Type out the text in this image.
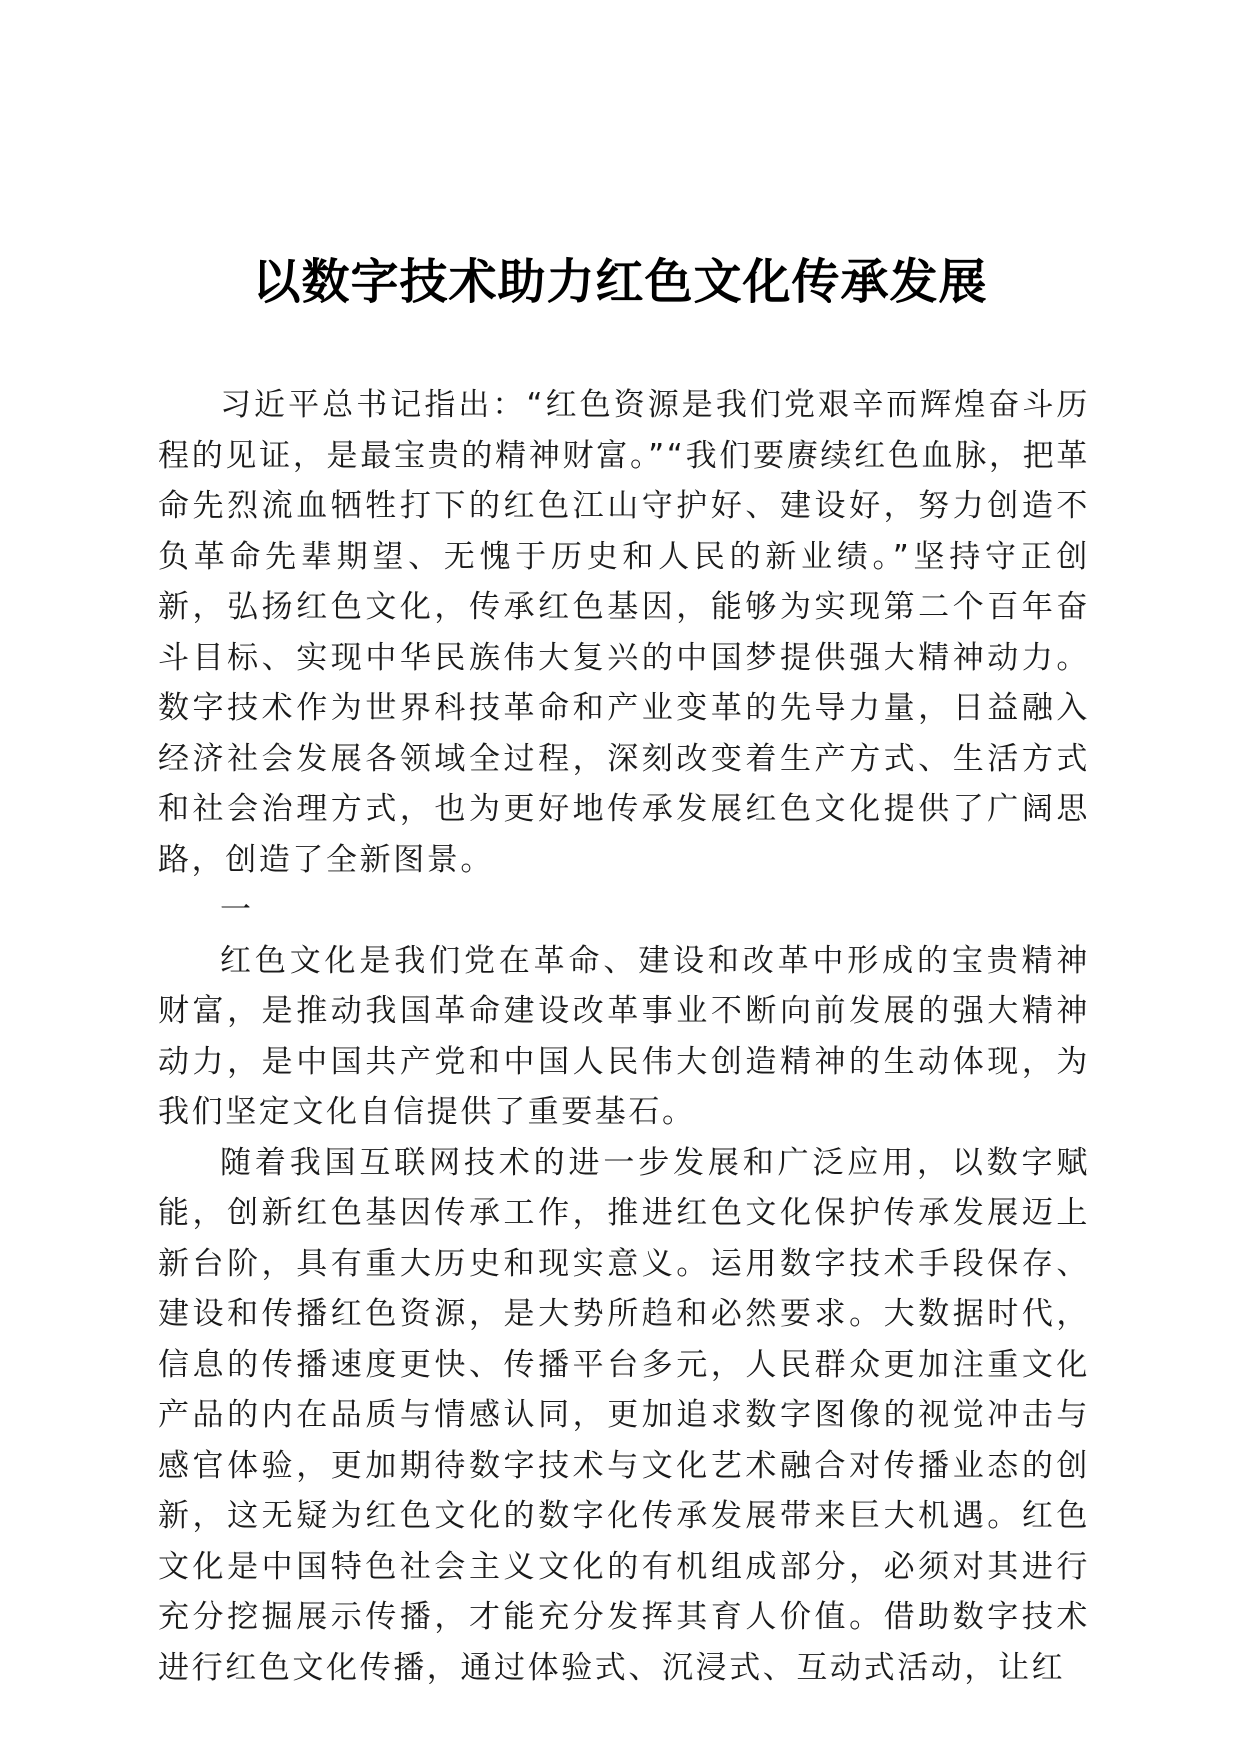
以数字技术助力红色文化传承发展

习近平总书记指出：“红色资源是我们党艰辛而辉煌奋斗历程的见证，是最宝贵的精神财富。”“我们要赓续红色血脉，把革命先烈流血牺牲打下的红色江山守护好、建设好，努力创造不负革命先辈期望、无愧于历史和人民的新业绩。”坚持守正创新，弘扬红色文化，传承红色基因，能够为实现第二个百年奋斗目标、实现中华民族伟大复兴的中国梦提供强大精神动力。数字技术作为世界科技革命和产业变革的先导力量，日益融入经济社会发展各领域全过程，深刻改变着生产方式、生活方式和社会治理方式，也为更好地传承发展红色文化提供了广阔思路，创造了全新图景。

一

红色文化是我们党在革命、建设和改革中形成的宝贵精神财富，是推动我国革命建设改革事业不断向前发展的强大精神动力，是中国共产党和中国人民伟大创造精神的生动体现，为我们坚定文化自信提供了重要基石。

随着我国互联网技术的进一步发展和广泛应用，以数字赋能，创新红色基因传承工作，推进红色文化保护传承发展迈上新台阶，具有重大历史和现实意义。运用数字技术手段保存、建设和传播红色资源，是大势所趋和必然要求。大数据时代，信息的传播速度更快、传播平台多元，人民群众更加注重文化产品的内在品质与情感认同，更加追求数字图像的视觉冲击与感官体验，更加期待数字技术与文化艺术融合对传播业态的创新，这无疑为红色文化的数字化传承发展带来巨大机遇。红色文化是中国特色社会主义文化的有机组成部分，必须对其进行充分挖掘展示传播，才能充分发挥其育人价值。借助数字技术进行红色文化传播，通过体验式、沉浸式、互动式活动，让红
